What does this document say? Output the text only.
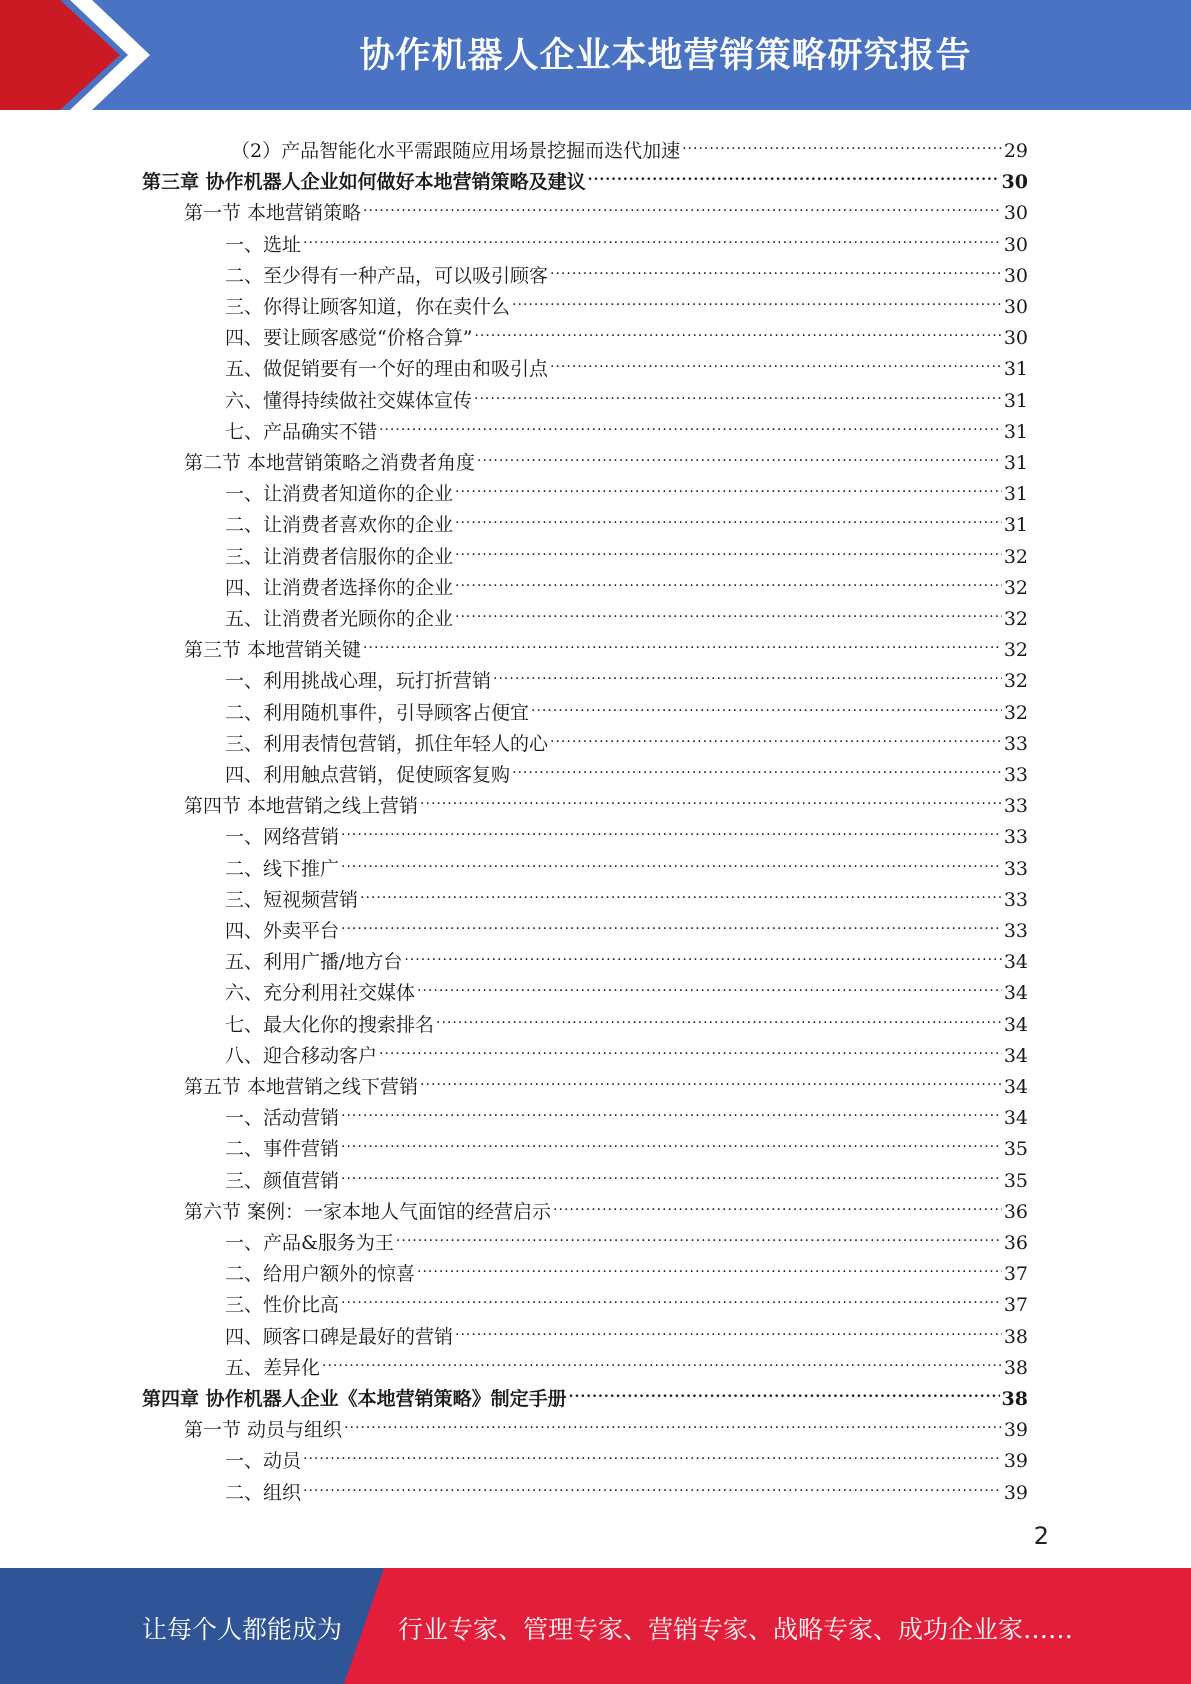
协作机器人企业本地营销策略研究报告
（2）产品智能化水平需跟随应用场景挖掘而迭代加速 .....	29
第三章 协作机器人企业如何做好本地营销策略及建议 .....	30
第一节 本地营销策略 .....	30
一、选址 .....	30
二、至少得有一种产品，可以吸引顾客 .....	30
三、你得让顾客知道，你在卖什么 .....	30
四、要让顾客感觉“价格合算” .....	30
五、做促销要有一个好的理由和吸引点 .....	31
六、懂得持续做社交媒体宣传 .....	31
七、产品确实不错 .....	31
第二节 本地营销策略之消费者角度 .....	31
一、让消费者知道你的企业 .....	31
二、让消费者喜欢你的企业 .....	31
三、让消费者信服你的企业 .....	32
四、让消费者选择你的企业 .....	32
五、让消费者光顾你的企业 .....	32
第三节 本地营销关键 .....	32
一、利用挑战心理，玩打折营销 .....	32
二、利用随机事件，引导顾客占便宜 .....	32
三、利用表情包营销，抓住年轻人的心 .....	33
四、利用触点营销，促使顾客复购 .....	33
第四节 本地营销之线上营销 .....	33
一、网络营销 .....	33
二、线下推广 .....	33
三、短视频营销 .....	33
四、外卖平台 .....	33
五、利用广播/地方台 .....	34
六、充分利用社交媒体 .....	34
七、最大化你的搜索排名 .....	34
八、迎合移动客户 .....	34
第五节 本地营销之线下营销 .....	34
一、活动营销 .....	34
二、事件营销 .....	35
三、颜值营销 .....	35
第六节 案例：一家本地人气面馆的经营启示 .....	36
一、产品&服务为王 .....	36
二、给用户额外的惊喜 .....	37
三、性价比高 .....	37
四、顾客口碑是最好的营销 .....	38
五、差异化 .....	38
第四章 协作机器人企业《本地营销策略》制定手册 .....	38
第一节 动员与组织 .....	39
一、动员 .....	39
二、组织 .....	39
2
让每个人都能成为 行业专家、管理专家、营销专家、战略专家、成功企业家……
